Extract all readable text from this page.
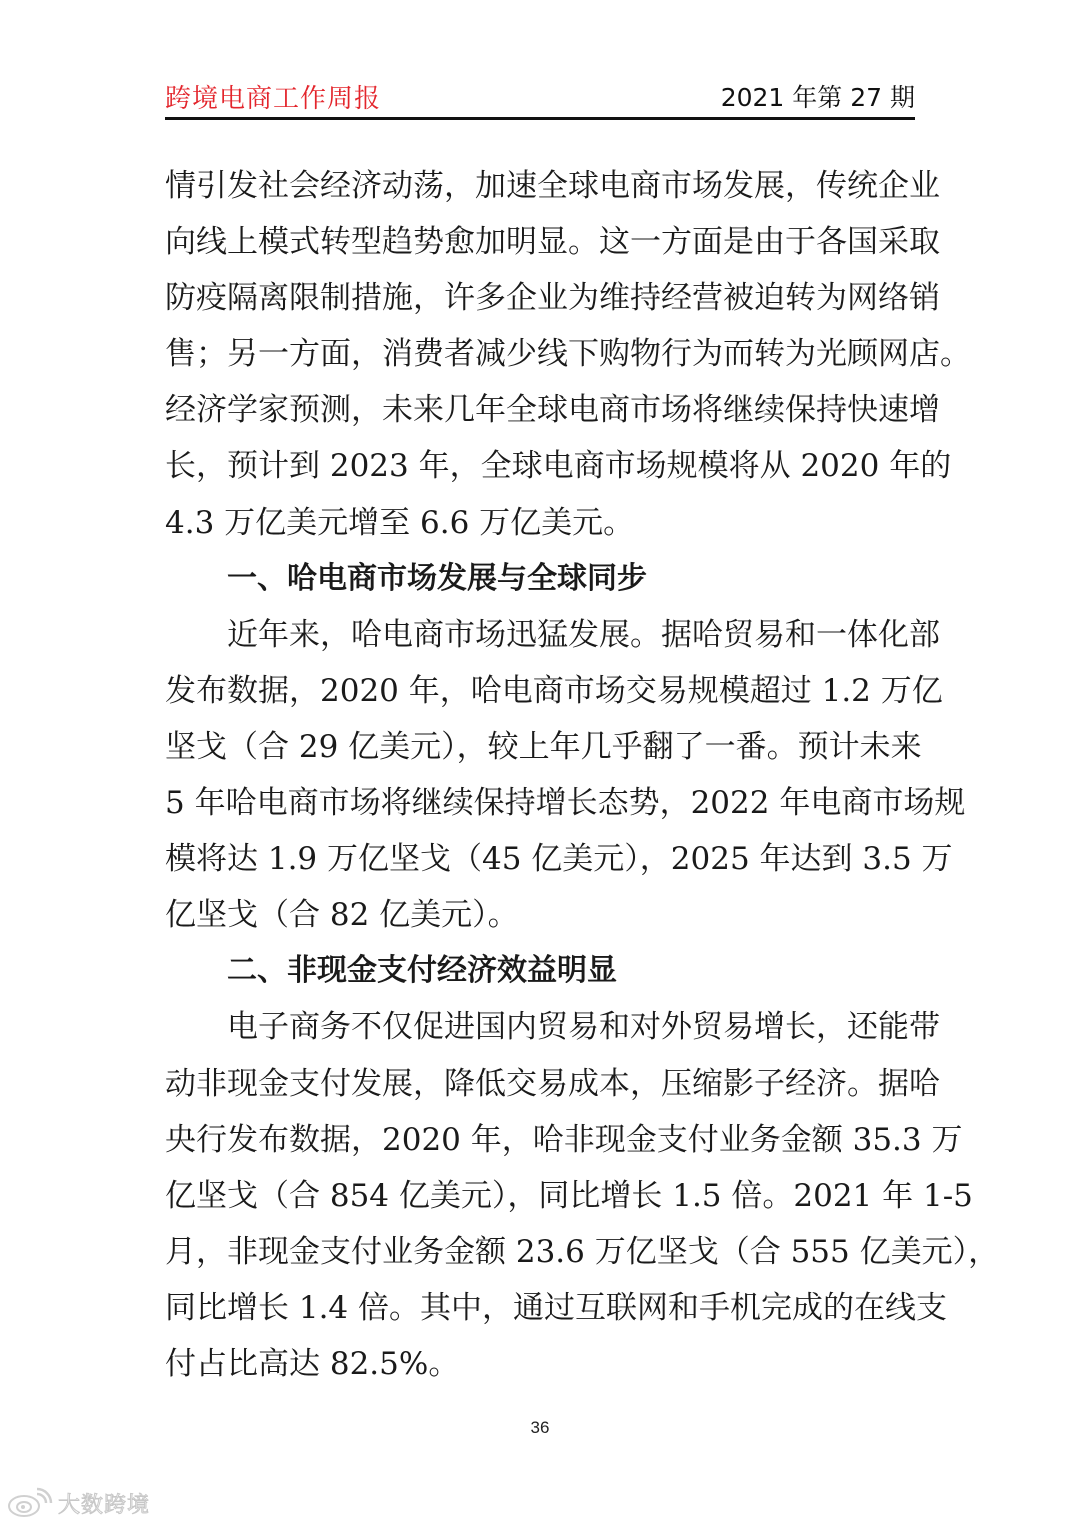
跨境电商工作周报	2021 年第 27 期
情引发社会经济动荡，加速全球电商市场发展，传统企业
向线上模式转型趋势愈加明显。这一方面是由于各国采取
防疫隔离限制措施，许多企业为维持经营被迫转为网络销
售；另一方面，消费者减少线下购物行为而转为光顾网店。
经济学家预测，未来几年全球电商市场将继续保持快速增
长，预计到 2023 年，全球电商市场规模将从 2020 年的
4.3 万亿美元增至 6.6 万亿美元。
一、哈电商市场发展与全球同步
近年来，哈电商市场迅猛发展。据哈贸易和一体化部
发布数据，2020 年，哈电商市场交易规模超过 1.2 万亿
坚戈（合 29 亿美元），较上年几乎翻了一番。预计未来
5 年哈电商市场将继续保持增长态势，2022 年电商市场规
模将达 1.9 万亿坚戈（45 亿美元），2025 年达到 3.5 万
亿坚戈（合 82 亿美元）。
二、非现金支付经济效益明显
电子商务不仅促进国内贸易和对外贸易增长，还能带
动非现金支付发展，降低交易成本，压缩影子经济。据哈
央行发布数据，2020 年，哈非现金支付业务金额 35.3 万
亿坚戈（合 854 亿美元），同比增长 1.5 倍。2021 年 1-5
月，非现金支付业务金额 23.6 万亿坚戈（合 555 亿美元），
同比增长 1.4 倍。其中，通过互联网和手机完成的在线支
付占比高达 82.5%。
36
大数跨境
